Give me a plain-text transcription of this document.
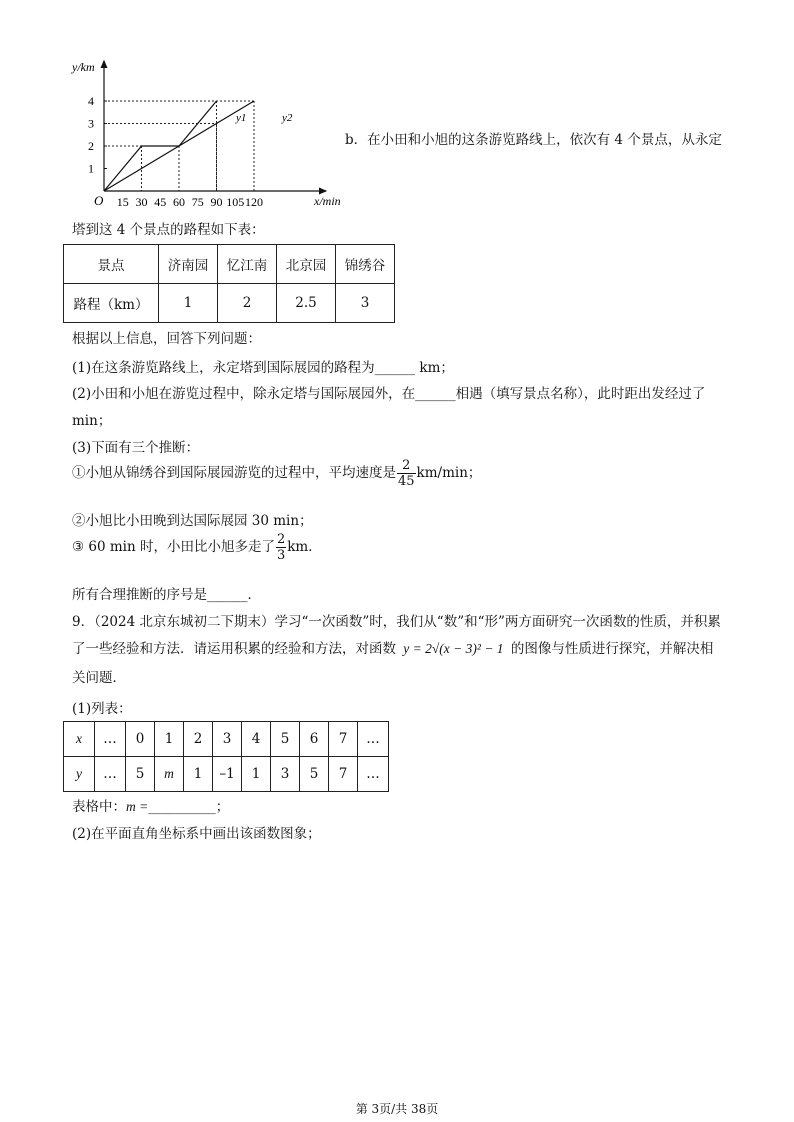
15 30 45 60 75 90 105 120
1
2
3
4
y/km
x/min
O
y1	y2
b．在小田和小旭的这条游览路线上，依次有 4 个景点，从永定
塔到这 4 个景点的路程如下表：
景点	济南园	忆江南	北京园	锦绣谷
路程（km）	1	2	2.5	3
根据以上信息，回答下列问题：
(1)在这条游览路线上，永定塔到国际展园的路程为______ km；
(2)小田和小旭在游览过程中，除永定塔与国际展园外，在______相遇（填写景点名称），此时距出发经过了
min；
(3)下面有三个推断：
①小旭从锦绣谷到国际展园游览的过程中，平均速度是 $\frac{2}{45} km/\min$；
②小旭比小田晚到达国际展园 30 min；
③ 60 min 时，小田比小旭多走了 $\frac{2}{3}$ km．
所有合理推断的序号是______．
9．（2024 北京东城初二下期末）学习“一次函数”时，我们从“数”和“形”两方面研究一次函数的性质，并积累
了一些经验和方法．请运用积累的经验和方法，对函数 y = 2√(x − 3)² − 1 的图像与性质进行探究，并解决相
关问题．
(1)列表：
x	…	0	1	2	3	4	5	6	7	…
y	…	5	m	1	–1	1	3	5	7	…
表格中：m =__________；
(2)在平面直角坐标系中画出该函数图象；
第 3页/共 38页
